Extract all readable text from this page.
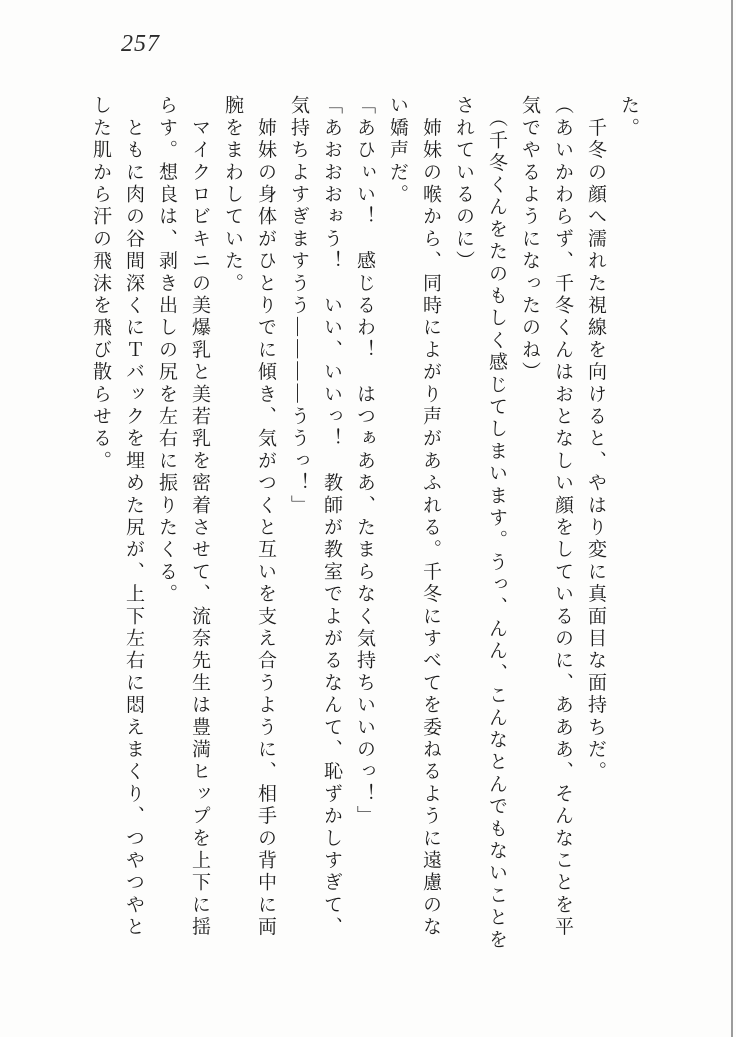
257

た。

　千冬の顔へ濡れた視線を向けると、やはり変に真面目な面持ちだ。

（あいかわらず、千冬くんはおとなしい顔をしているのに、あああ、そんなことを平

気でやるようになったのね）

　（千冬くんをたのもしく感じてしまいます。うっ、んん、こんなとんでもないことを

されているのに）

　姉妹の喉から、同時によがり声があふれる。千冬にすべてを委ねるように遠慮のな

い嬌声だ。

「あひぃい！　感じるわ！　はつぁああ、たまらなく気持ちいいのっ！」

「あおおおぉう！　いい、いいっ！　教師が教室でよがるなんて、恥ずかしすぎて、

気持ちよすぎますうう――――ううっ！」

　姉妹の身体がひとりでに傾き、気がつくと互いを支え合うように、相手の背中に両

腕をまわしていた。

　マイクロビキニの美爆乳と美若乳を密着させて、流奈先生は豊満ヒップを上下に揺

らす。想良は、剥き出しの尻を左右に振りたくる。

　ともに肉の谷間深くにＴバックを埋めた尻が、上下左右に悶えまくり、つやつやと

した肌から汗の飛沫を飛び散らせる。
